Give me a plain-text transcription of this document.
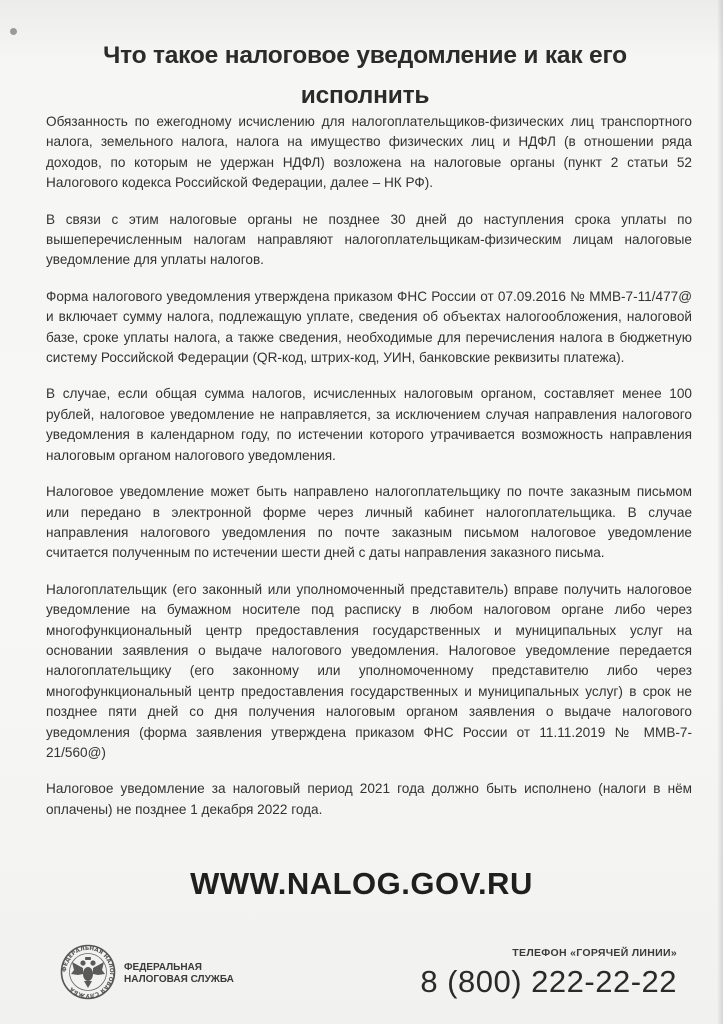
Что такое налоговое уведомление и как его исполнить

Обязанность по ежегодному исчислению для налогоплательщиков-физических лиц транспортного налога, земельного налога, налога на имущество физических лиц и НДФЛ (в отношении ряда доходов, по которым не удержан НДФЛ) возложена на налоговые органы (пункт 2 статьи 52 Налогового кодекса Российской Федерации, далее – НК РФ).

В связи с этим налоговые органы не позднее 30 дней до наступления срока уплаты по вышеперечисленным налогам направляют налогоплательщикам-физическим лицам налоговые уведомление для уплаты налогов.

Форма налогового уведомления утверждена приказом ФНС России от 07.09.2016 № ММВ-7-11/477@ и включает сумму налога, подлежащую уплате, сведения об объектах налогообложения, налоговой базе, сроке уплаты налога, а также сведения, необходимые для перечисления налога в бюджетную систему Российской Федерации (QR-код, штрих-код, УИН, банковские реквизиты платежа).

В случае, если общая сумма налогов, исчисленных налоговым органом, составляет менее 100 рублей, налоговое уведомление не направляется, за исключением случая направления налогового уведомления в календарном году, по истечении которого утрачивается возможность направления налоговым органом налогового уведомления.

Налоговое уведомление может быть направлено налогоплательщику по почте заказным письмом или передано в электронной форме через личный кабинет налогоплательщика. В случае направления налогового уведомления по почте заказным письмом налоговое уведомление считается полученным по истечении шести дней с даты направления заказного письма.

Налогоплательщик (его законный или уполномоченный представитель) вправе получить налоговое уведомление на бумажном носителе под расписку в любом налоговом органе либо через многофункциональный центр предоставления государственных и муниципальных услуг на основании заявления о выдаче налогового уведомления. Налоговое уведомление передается налогоплательщику (его законному или уполномоченному представителю либо через многофункциональный центр предоставления государственных и муниципальных услуг) в срок не позднее пяти дней со дня получения налоговым органом заявления о выдаче налогового уведомления (форма заявления утверждена приказом ФНС России от 11.11.2019 № ММВ-7-21/560@)

Налоговое уведомление за налоговый период 2021 года должно быть исполнено (налоги в нём оплачены) не позднее 1 декабря 2022 года.

WWW.NALOG.GOV.RU
ФЕДЕРАЛЬНАЯ НАЛОГОВАЯ СЛУЖБА
ФЕДЕРАЛЬНАЯ
НАЛОГОВАЯ СЛУЖБА
ТЕЛЕФОН «ГОРЯЧЕЙ ЛИНИИ»
8 (800) 222-22-22
